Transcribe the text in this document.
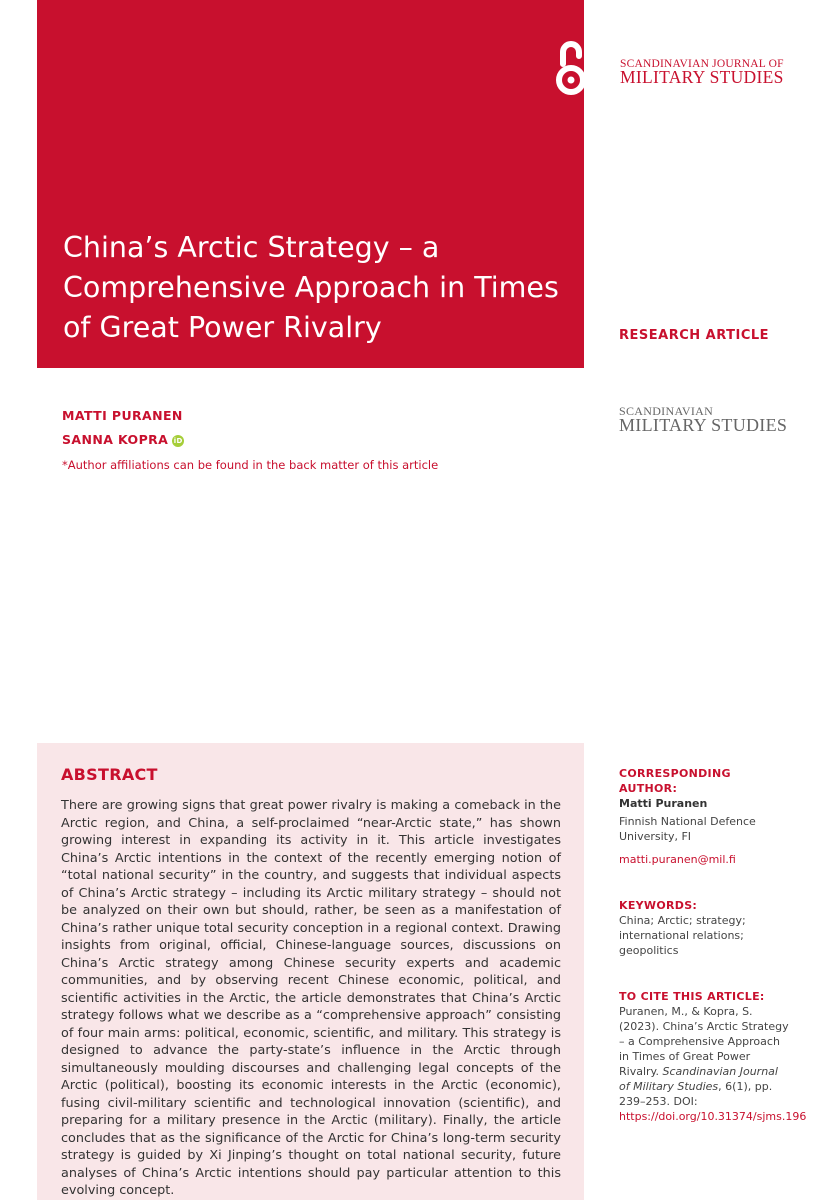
China’s Arctic Strategy – a Comprehensive Approach in Times of Great Power Rivalry
SCANDINAVIAN JOURNAL OF
MILITARY STUDIES
RESEARCH ARTICLE
SCANDINAVIAN
MILITARY STUDIES
MATTI PURANEN
SANNA KOPRA iD
*Author affiliations can be found in the back matter of this article
ABSTRACT
There are growing signs that great power rivalry is making a comeback in the Arctic region, and China, a self-proclaimed “near-Arctic state,” has shown growing interest in expanding its activity in it. This article investigates China’s Arctic intentions in the context of the recently emerging notion of “total national security” in the country, and suggests that individual aspects of China’s Arctic strategy – including its Arctic military strategy – should not be analyzed on their own but should, rather, be seen as a manifestation of China’s rather unique total security conception in a regional context. Drawing insights from original, official, Chinese-language sources, discussions on China’s Arctic strategy among Chinese security experts and academic communities, and by observing recent Chinese economic, political, and scientific activities in the Arctic, the article demonstrates that China’s Arctic strategy follows what we describe as a “comprehensive approach” consisting of four main arms: political, economic, scientific, and military. This strategy is designed to advance the party-state’s influence in the Arctic through simultaneously moulding discourses and challenging legal concepts of the Arctic (political), boosting its economic interests in the Arctic (economic), fusing civil-military scientific and technological innovation (scientific), and preparing for a military presence in the Arctic (military). Finally, the article concludes that as the significance of the Arctic for China’s long-term security strategy is guided by Xi Jinping’s thought on total national security, future analyses of China’s Arctic intentions should pay particular attention to this evolving concept.
CORRESPONDING AUTHOR:
Matti Puranen
Finnish National Defence University, FI
matti.puranen@mil.fi
KEYWORDS:
China; Arctic; strategy; international relations; geopolitics
TO CITE THIS ARTICLE:
Puranen, M., & Kopra, S. (2023). China’s Arctic Strategy – a Comprehensive Approach in Times of Great Power Rivalry. Scandinavian Journal of Military Studies, 6(1), pp. 239–253. DOI: https://doi.org/10.31374/sjms.196
